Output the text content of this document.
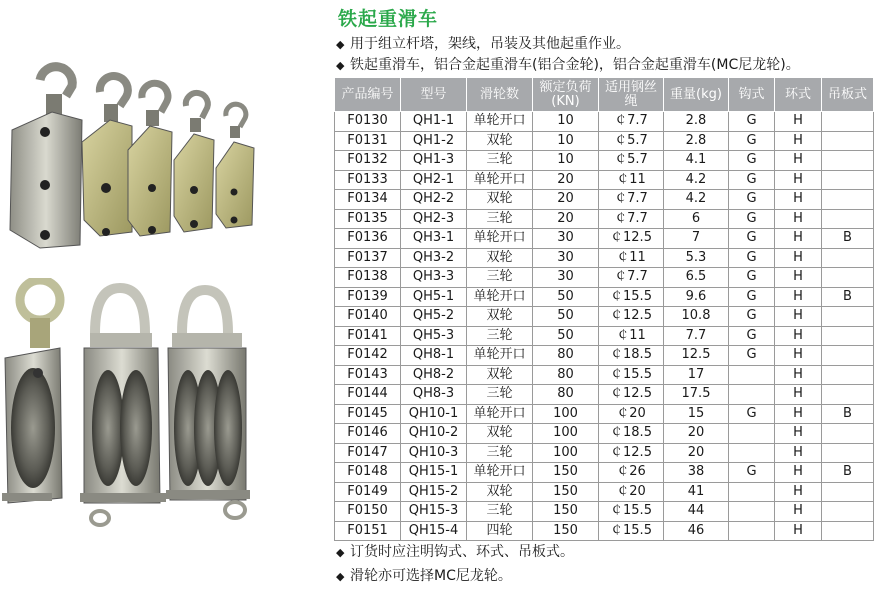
铁起重滑车
◆ 用于组立杆塔，架线，吊装及其他起重作业。
◆ 铁起重滑车，铝合金起重滑车(铝合金轮)，铝合金起重滑车(MC尼龙轮)。
产品编号	型号	滑轮数	额定负荷(KN)	适用钢丝绳	重量(kg)	钩式	环式	吊板式
F0130	QH1-1	单轮开口	10	￠7.7	2.8	G	H	
F0131	QH1-2	双轮	10	￠5.7	2.8	G	H	
F0132	QH1-3	三轮	10	￠5.7	4.1	G	H	
F0133	QH2-1	单轮开口	20	￠11	4.2	G	H	
F0134	QH2-2	双轮	20	￠7.7	4.2	G	H	
F0135	QH2-3	三轮	20	￠7.7	6	G	H	
F0136	QH3-1	单轮开口	30	￠12.5	7	G	H	B
F0137	QH3-2	双轮	30	￠11	5.3	G	H	
F0138	QH3-3	三轮	30	￠7.7	6.5	G	H	
F0139	QH5-1	单轮开口	50	￠15.5	9.6	G	H	B
F0140	QH5-2	双轮	50	￠12.5	10.8	G	H	
F0141	QH5-3	三轮	50	￠11	7.7	G	H	
F0142	QH8-1	单轮开口	80	￠18.5	12.5	G	H	
F0143	QH8-2	双轮	80	￠15.5	17		H	
F0144	QH8-3	三轮	80	￠12.5	17.5		H	
F0145	QH10-1	单轮开口	100	￠20	15	G	H	B
F0146	QH10-2	双轮	100	￠18.5	20		H	
F0147	QH10-3	三轮	100	￠12.5	20		H	
F0148	QH15-1	单轮开口	150	￠26	38	G	H	B
F0149	QH15-2	双轮	150	￠20	41		H	
F0150	QH15-3	三轮	150	￠15.5	44		H	
F0151	QH15-4	四轮	150	￠15.5	46		H	
◆ 订货时应注明钩式、环式、吊板式。
◆ 滑轮亦可选择MC尼龙轮。
